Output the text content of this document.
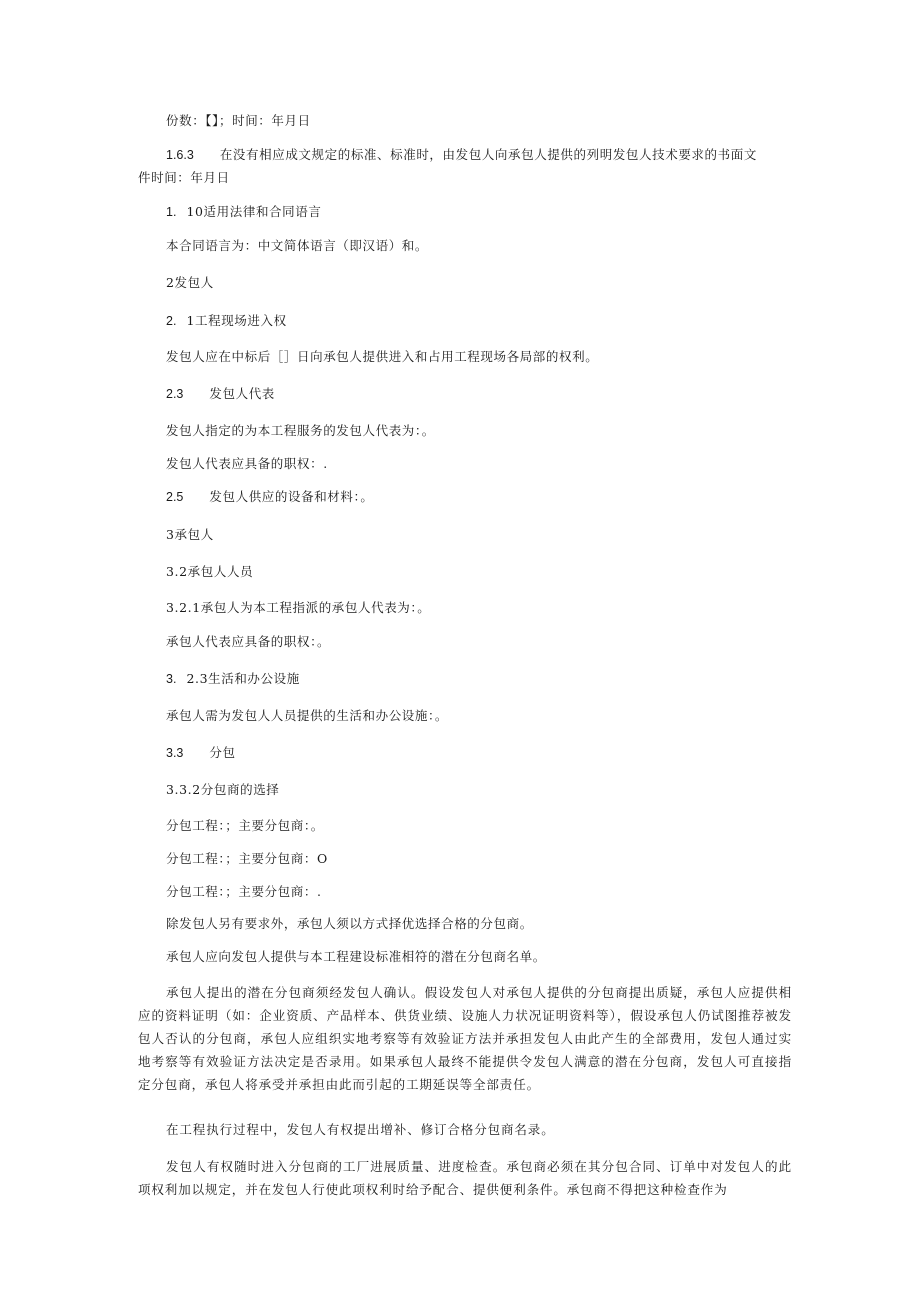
份数：【】；时间：年月日
1.6.3 在没有相应成文规定的标准、标准时，由发包人向承包人提供的列明发包人技术要求的书面文
件时间：年月日
1. 10适用法律和合同语言
本合同语言为：中文简体语言（即汉语）和。
2发包人
2. 1工程现场进入权
发包人应在中标后［］日向承包人提供进入和占用工程现场各局部的权利。
2.3 发包人代表
发包人指定的为本工程服务的发包人代表为：。
发包人代表应具备的职权：.
2.5 发包人供应的设备和材料：。
3承包人
3.2承包人人员
3.2.1承包人为本工程指派的承包人代表为：。
承包人代表应具备的职权：。
3. 2.3生活和办公设施
承包人需为发包人人员提供的生活和办公设施：。
3.3 分包
3.3.2分包商的选择
分包工程：；主要分包商：。
分包工程：；主要分包商：O
分包工程：；主要分包商：.
除发包人另有要求外，承包人须以方式择优选择合格的分包商。
承包人应向发包人提供与本工程建设标准相符的潜在分包商名单。

承包人提出的潜在分包商须经发包人确认。假设发包人对承包人提供的分包商提出质疑，承包人应提供相应的资料证明（如：企业资质、产品样本、供货业绩、设施人力状况证明资料等），假设承包人仍试图推荐被发包人否认的分包商，承包人应组织实地考察等有效验证方法并承担发包人由此产生的全部费用，发包人通过实地考察等有效验证方法决定是否录用。如果承包人最终不能提供令发包人满意的潜在分包商，发包人可直接指定分包商，承包人将承受并承担由此而引起的工期延误等全部责任。

在工程执行过程中，发包人有权提出增补、修订合格分包商名录。

发包人有权随时进入分包商的工厂进展质量、进度检查。承包商必须在其分包合同、订单中对发包人的此项权利加以规定，并在发包人行使此项权利时给予配合、提供便利条件。承包商不得把这种检查作为
